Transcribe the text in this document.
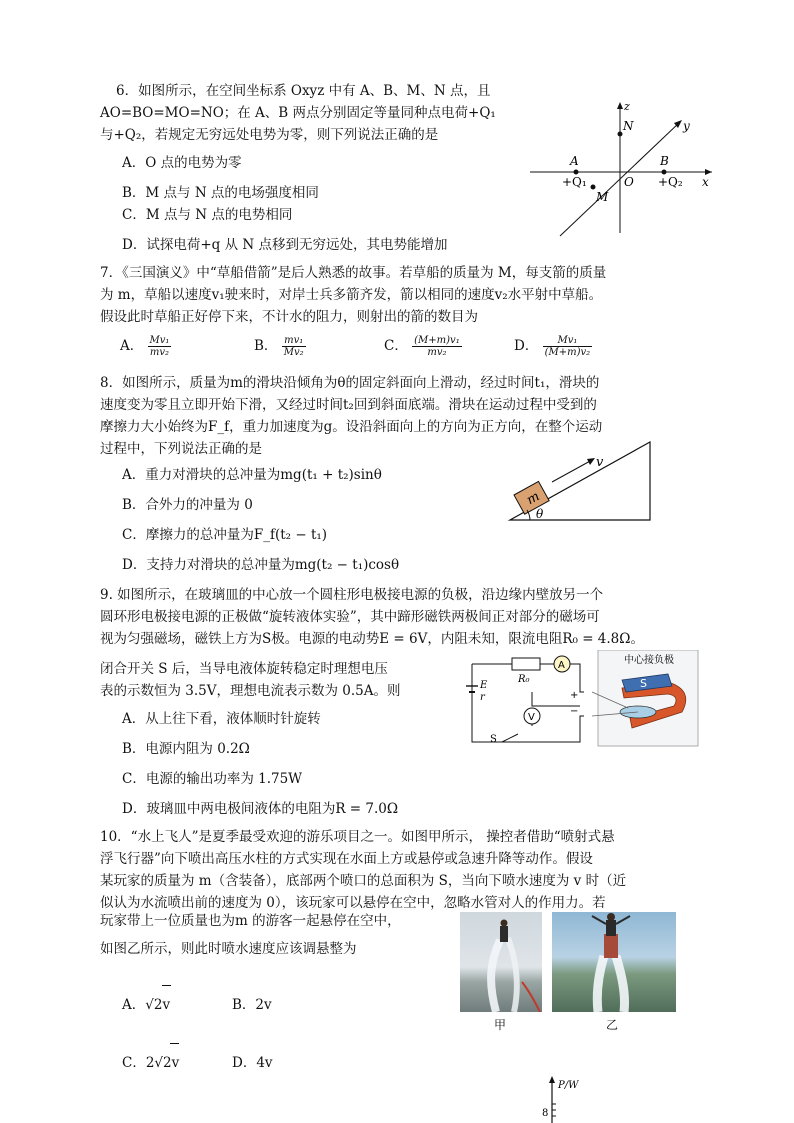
6．如图所示，在空间坐标系 Oxyz 中有 A、B、M、N 点，且
AO=BO=MO=NO；在 A、B 两点分别固定等量同种点电荷+Q₁
与+Q₂，若规定无穷远处电势为零，则下列说法正确的是
A．O 点的电势为零
B．M 点与 N 点的电场强度相同
C．M 点与 N 点的电势相同
D．试探电荷+q 从 N 点移到无穷远处，其电势能增加
z
y
x
N
A	B
O
M
+Q₁	+Q₂
7．《三国演义》中“草船借箭”是后人熟悉的故事。若草船的质量为 M，每支箭的质量
为 m，草船以速度v₁驶来时，对岸士兵多箭齐发，箭以相同的速度v₂水平射中草船。
假设此时草船正好停下来，不计水的阻力，则射出的箭的数目为
A． $\frac{\text{Mv₁}}{\text{mv₂}}$	B． $\frac{\text{mv₁}}{\text{Mv₂}}$	C． $\frac{\text{(M+m)v₁}}{\text{mv₂}}$	D． $\frac{\text{Mv₁}}{\text{(M+m)v₂}}$
8．如图所示，质量为m的滑块沿倾角为θ的固定斜面向上滑动，经过时间t₁，滑块的
速度变为零且立即开始下滑，又经过时间t₂回到斜面底端。滑块在运动过程中受到的
摩擦力大小始终为F_f，重力加速度为g。设沿斜面向上的方向为正方向，在整个运动
过程中，下列说法正确的是
A．重力对滑块的总冲量为mg(t₁ + t₂)sinθ
B．合外力的冲量为 0
C．摩擦力的总冲量为F_f(t₂ − t₁)
D．支持力对滑块的总冲量为mg(t₂ − t₁)cosθ
m
v
θ
9. 如图所示，在玻璃皿的中心放一个圆柱形电极接电源的负极，沿边缘内壁放另一个
圆环形电极接电源的正极做“旋转液体实验”，其中蹄形磁铁两极间正对部分的磁场可
视为匀强磁场，磁铁上方为S极。电源的电动势E = 6V，内阻未知，限流电阻R₀ = 4.8Ω。
闭合开关 S 后，当导电液体旋转稳定时理想电压
表的示数恒为 3.5V，理想电流表示数为 0.5A。则
A．从上往下看，液体顺时针旋转
B．电源内阻为 0.2Ω
C．电源的输出功率为 1.75W
D．玻璃皿中两电极间液体的电阻为R = 7.0Ω
A
E
r
R₀
V
S
+
−
中心接负极
S
10．“水上飞人”是夏季最受欢迎的游乐项目之一。如图甲所示， 操控者借助“喷射式悬
浮飞行器”向下喷出高压水柱的方式实现在水面上方或悬停或急速升降等动作。假设
某玩家的质量为 m（含装备），底部两个喷口的总面积为 S，当向下喷水速度为 v 时（近
似认为水流喷出前的速度为 0），该玩家可以悬停在空中，忽略水管对人的作用力。若
玩家带上一位质量也为m 的游客一起悬停在空中，
如图乙所示，则此时喷水速度应该调悬整为
A．√2v	B．2v
C．2√2v	D．4v
甲	乙
P/W
8
